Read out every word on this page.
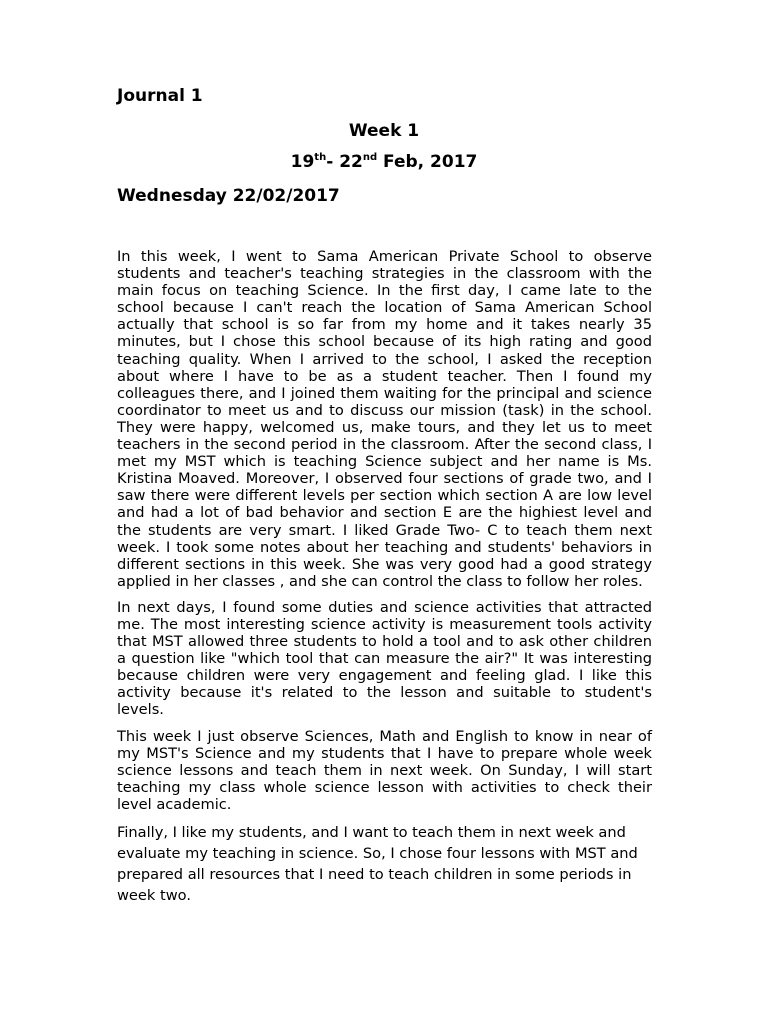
Journal 1
Week 1
19th- 22nd Feb, 2017
Wednesday 22/02/2017

In this week, I went to Sama American Private School to observe students and teacher's teaching strategies in the classroom with the main focus on teaching Science. In the first day, I came late to the school because I can't reach the location of Sama American School actually that school is so far from my home and it takes nearly 35 minutes, but I chose this school because of its high rating and good teaching quality. When I arrived to the school, I asked the reception about where I have to be as a student teacher. Then I found my colleagues there, and I joined them waiting for the principal and science coordinator to meet us and to discuss our mission (task) in the school. They were happy, welcomed us, make tours, and they let us to meet teachers in the second period in the classroom. After the second class, I met my MST which is teaching Science subject and her name is Ms. Kristina Moaved. Moreover, I observed four sections of grade two, and I saw there were different levels per section which section A are low level and had a lot of bad behavior and section E are the highiest level and the students are very smart. I liked Grade Two- C to teach them next week. I took some notes about her teaching and students' behaviors in different sections in this week. She was very good had a good strategy applied in her classes , and she can control the class to follow her roles.

In next days, I found some duties and science activities that attracted me. The most interesting science activity is measurement tools activity that MST allowed three students to hold a tool and to ask other children a question like "which tool that can measure the air?" It was interesting because children were very engagement and feeling glad. I like this activity because it's related to the lesson and suitable to student's levels.

This week I just observe Sciences, Math and English to know in near of my MST's Science and my students that I have to prepare whole week science lessons and teach them in next week. On Sunday, I will start teaching my class whole science lesson with activities to check their level academic.

Finally, I like my students, and I want to teach them in next week and evaluate my teaching in science. So, I chose four lessons with MST and prepared all resources that I need to teach children in some periods in week two.
